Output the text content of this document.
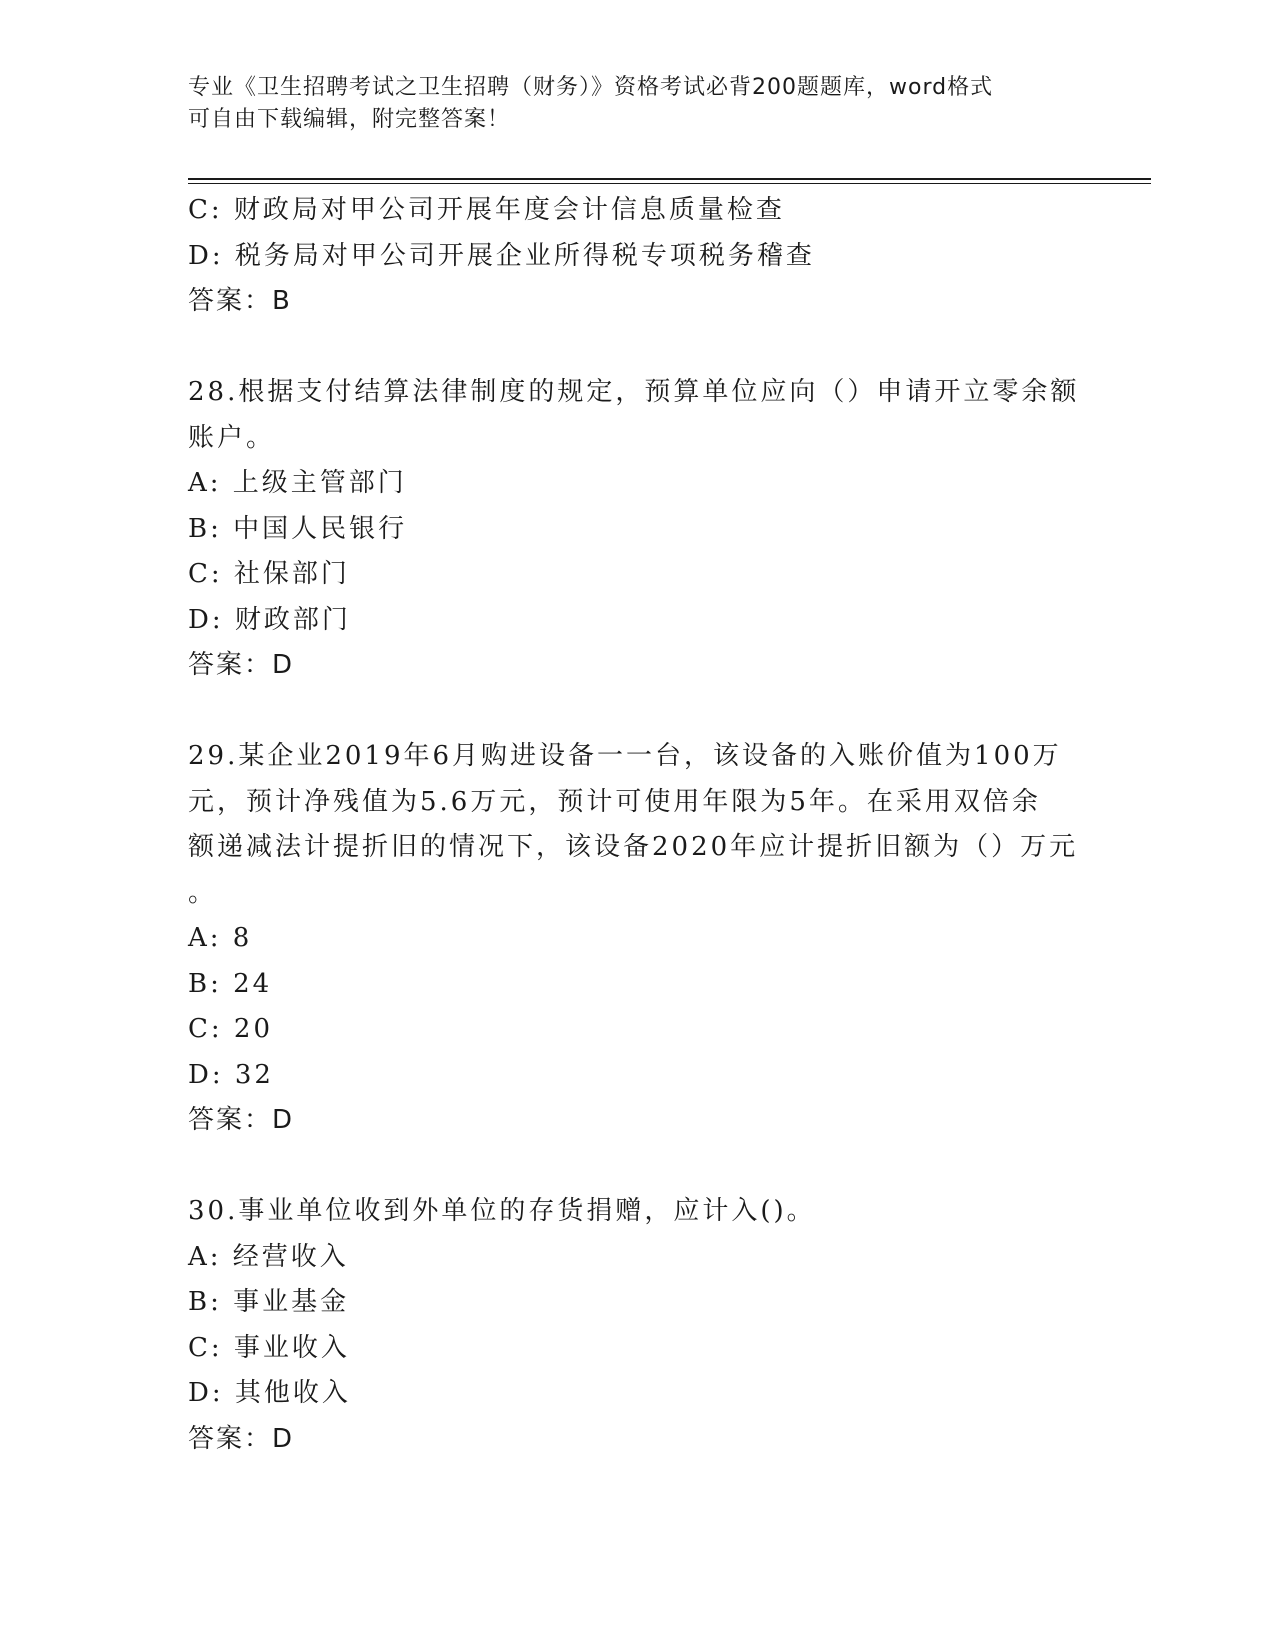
专业《卫生招聘考试之卫生招聘（财务）》资格考试必背200题题库，word格式
可自由下载编辑，附完整答案！
C: 财政局对甲公司开展年度会计信息质量检查
D: 税务局对甲公司开展企业所得税专项税务稽查
答案：B
28.根据支付结算法律制度的规定，预算单位应向（）申请开立零余额
账户。
A: 上级主管部门
B: 中国人民银行
C: 社保部门
D: 财政部门
答案：D
29.某企业2019年6月购进设备一一台，该设备的入账价值为100万
元，预计净残值为5.6万元，预计可使用年限为5年。在采用双倍余
额递减法计提折旧的情况下，该设备2020年应计提折旧额为（）万元
。
A: 8
B: 24
C: 20
D: 32
答案：D
30.事业单位收到外单位的存货捐赠，应计入()。
A: 经营收入
B: 事业基金
C: 事业收入
D: 其他收入
答案：D
